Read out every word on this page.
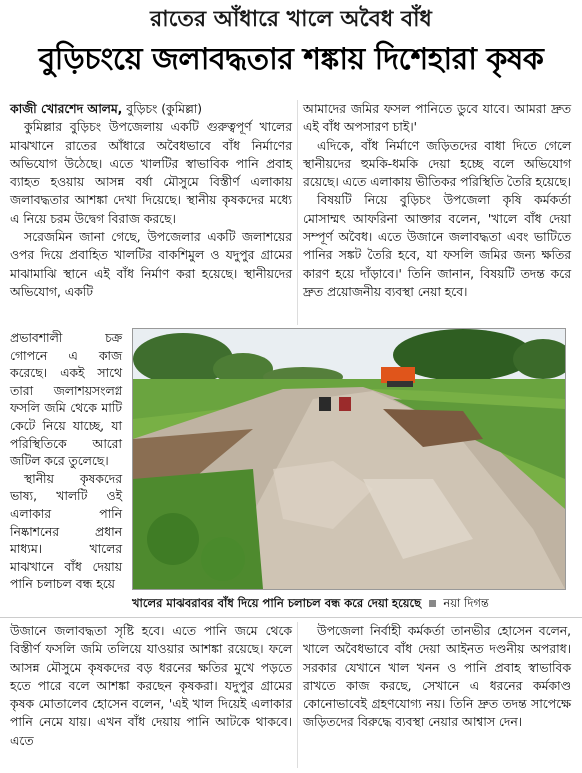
রাতের আঁধারে খালে অবৈধ বাঁধ
বুড়িচংয়ে জলাবদ্ধতার শঙ্কায় দিশেহারা কৃষক

কাজী খোরশেদ আলম, বুড়িচং (কুমিল্লা)

কুমিল্লার বুড়িচং উপজেলায় একটি গুরুত্বপূর্ণ খালের মাঝখানে রাতের আঁধারে অবৈধভাবে বাঁধ নির্মাণের অভিযোগ উঠেছে। এতে খালটির স্বাভাবিক পানি প্রবাহ ব্যাহত হওয়ায় আসন্ন বর্ষা মৌসুমে বিস্তীর্ণ এলাকায় জলাবদ্ধতার আশঙ্কা দেখা দিয়েছে। স্থানীয় কৃষকদের মধ্যে এ নিয়ে চরম উদ্বেগ বিরাজ করছে।

সরেজমিন জানা গেছে, উপজেলার একটি জলাশয়ের ওপর দিয়ে প্রবাহিত খালটির বাকশিমুল ও যদুপুর গ্রামের মাঝামাঝি স্থানে এই বাঁধ নির্মাণ করা হয়েছে। স্থানীয়দের অভিযোগ, একটি

আমাদের জমির ফসল পানিতে ডুবে যাবে। আমরা দ্রুত এই বাঁধ অপসারণ চাই।'

এদিকে, বাঁধ নির্মাণে জড়িতদের বাধা দিতে গেলে স্থানীয়দের হুমকি-ধমকি দেয়া হচ্ছে বলে অভিযোগ রয়েছে। এতে এলাকায় ভীতিকর পরিস্থিতি তৈরি হয়েছে।

বিষয়টি নিয়ে বুড়িচং উপজেলা কৃষি কর্মকর্তা মোসাম্মৎ আফরিনা আক্তার বলেন, 'খালে বাঁধ দেয়া সম্পূর্ণ অবৈধ। এতে উজানে জলাবদ্ধতা এবং ভাটিতে পানির সঙ্কট তৈরি হবে, যা ফসলি জমির জন্য ক্ষতির কারণ হয়ে দাঁড়াবে।' তিনি জানান, বিষয়টি তদন্ত করে দ্রুত প্রয়োজনীয় ব্যবস্থা নেয়া হবে।

প্রভাবশালী চক্র গোপনে এ কাজ করেছে। একই সাথে তারা জলাশয়সংলগ্ন ফসলি জমি থেকে মাটি কেটে নিয়ে যাচ্ছে, যা পরিস্থিতিকে আরো জটিল করে তুলেছে।

স্থানীয় কৃষকদের ভাষ্য, খালটি ওই এলাকার পানি নিষ্কাশনের প্রধান মাধ্যম। খালের মাঝখানে বাঁধ দেয়ায় পানি চলাচল বন্ধ হয়ে

খালের মাঝবরাবর বাঁধ দিয়ে পানি চলাচল বন্ধ করে দেয়া হয়েছে নয়া দিগন্ত

উজানে জলাবদ্ধতা সৃষ্টি হবে। এতে পানি জমে থেকে বিস্তীর্ণ ফসলি জমি তলিয়ে যাওয়ার আশঙ্কা রয়েছে। ফলে আসন্ন মৌসুমে কৃষকদের বড় ধরনের ক্ষতির মুখে পড়তে হতে পারে বলে আশঙ্কা করছেন কৃষকরা। যদুপুর গ্রামের কৃষক মোতালেব হোসেন বলেন, 'এই খাল দিয়েই এলাকার পানি নেমে যায়। এখন বাঁধ দেয়ায় পানি আটকে থাকবে। এতে

উপজেলা নির্বাহী কর্মকর্তা তানভীর হোসেন বলেন, খালে অবৈধভাবে বাঁধ দেয়া আইনত দণ্ডনীয় অপরাধ। সরকার যেখানে খাল খনন ও পানি প্রবাহ স্বাভাবিক রাখতে কাজ করছে, সেখানে এ ধরনের কর্মকাণ্ড কোনোভাবেই গ্রহণযোগ্য নয়। তিনি দ্রুত তদন্ত সাপেক্ষে জড়িতদের বিরুদ্ধে ব্যবস্থা নেয়ার আশ্বাস দেন।
